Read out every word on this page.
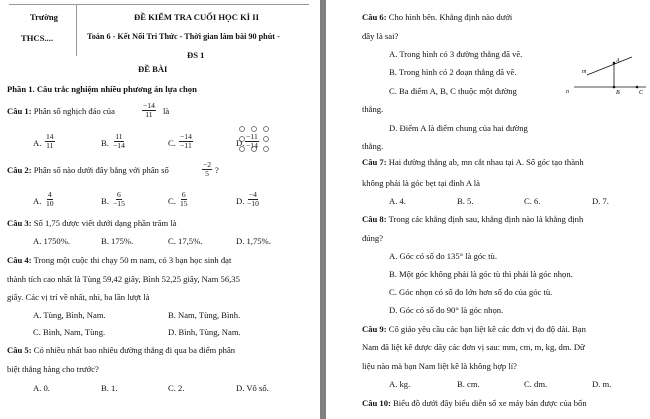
Trường
THCS....
ĐỀ KIỂM TRA CUỐI HỌC KÌ II
Toán 6 - Kết Nối Tri Thức - Thời gian làm bài 90 phút -
ĐS 1
ĐỀ BÀI
Phần 1. Câu trắc nghiệm nhiều phương án lựa chọn
Câu 1: Phân số nghịch đảo của	$\frac{-14}{11}$ là
A. $\frac{14}{11}$	B. $\frac{11}{-14}$	C. $\frac{-14}{-11}$	D. $\frac{-11}{-14}$
Câu 2: Phân số nào dưới đây bằng với phân số	$\frac{-2}{5}$ ?
A. $\frac{4}{10}$	B. $\frac{6}{-15}$	C. $\frac{6}{15}$	D. $\frac{-4}{-10}$
Câu 3: Số 1,75 được viết dưới dạng phần trăm là
A. 1750%.	B. 175%.	C. 17,5%.	D. 1,75%.
Câu 4: Trong một cuộc thi chạy 50 m nam, có 3 bạn học sinh đạt
thành tích cao nhất là Tùng 59,42 giây, Bình 52,25 giây, Nam 56,35
giây. Các vị trí về nhất, nhì, ba lần lượt là
A. Tùng, Bình, Nam.	B. Nam, Tùng, Bình.
C. Bình, Nam, Tùng.	D. Bình, Tùng, Nam.
Câu 5: Có nhiều nhất bao nhiêu đường thẳng đi qua ba điểm phân
biệt thẳng hàng cho trước?
A. 0.	B. 1.	C. 2.	D. Vô số.
Câu 6: Cho hình bên. Khẳng định nào dưới
đây là sai?
A. Trong hình có 3 đường thẳng đã vẽ.
B. Trong hình có 2 đoạn thẳng đã vẽ.
C. Ba điểm A, B, C thuộc một đường
thẳng.
D. Điểm A là điểm chung của hai đường
thẳng.
m
A
n	B	C
Câu 7: Hai đường thẳng ab, mn cắt nhau tại A. Số góc tạo thành
không phải là góc bẹt tại đỉnh A là
A. 4.	B. 5.	C. 6.	D. 7.
Câu 8: Trong các khẳng định sau, khẳng định nào là khẳng định
đúng?
A. Góc có số đo 135° là góc tù.
B. Một góc không phải là góc tù thì phải là góc nhọn.
C. Góc nhọn có số đo lớn hơn số đo của góc tù.
D. Góc có số đo 90° là góc nhọn.
Câu 9: Cô giáo yêu cầu các bạn liệt kê các đơn vị đo độ dài. Bạn
Nam đã liệt kê được dãy các đơn vị sau: mm, cm, m, kg, dm. Dữ
liệu nào mà bạn Nam liệt kê là không hợp lí?
A. kg.	B. cm.	C. dm.	D. m.
Câu 10: Biểu đồ dưới đây biểu diễn số xe máy bán được của bốn
